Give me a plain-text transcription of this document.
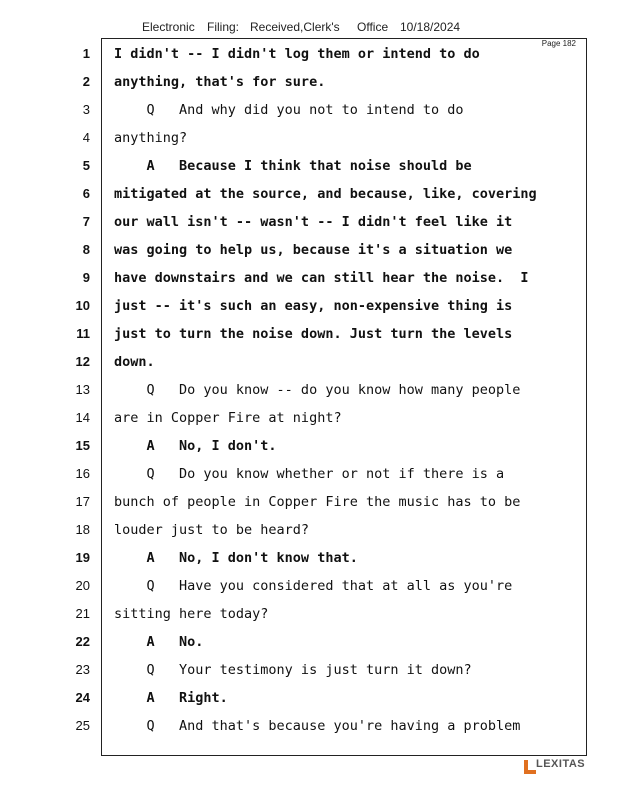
Electronic Filing: Received,Clerk's Office 10/18/2024
Page 182
1 I didn't -- I didn't log them or intend to do
2 anything, that's for sure.
3 Q   And why did you not to intend to do
4 anything?
5 A   Because I think that noise should be
6 mitigated at the source, and because, like, covering
7 our wall isn't -- wasn't -- I didn't feel like it
8 was going to help us, because it's a situation we
9 have downstairs and we can still hear the noise.  I
10 just -- it's such an easy, non-expensive thing is
11 just to turn the noise down. Just turn the levels
12 down.
13 Q   Do you know -- do you know how many people
14 are in Copper Fire at night?
15 A   No, I don't.
16 Q   Do you know whether or not if there is a
17 bunch of people in Copper Fire the music has to be
18 louder just to be heard?
19 A   No, I don't know that.
20 Q   Have you considered that at all as you're
21 sitting here today?
22 A   No.
23 Q   Your testimony is just turn it down?
24 A   Right.
25 Q   And that's because you're having a problem
LEXITAS
